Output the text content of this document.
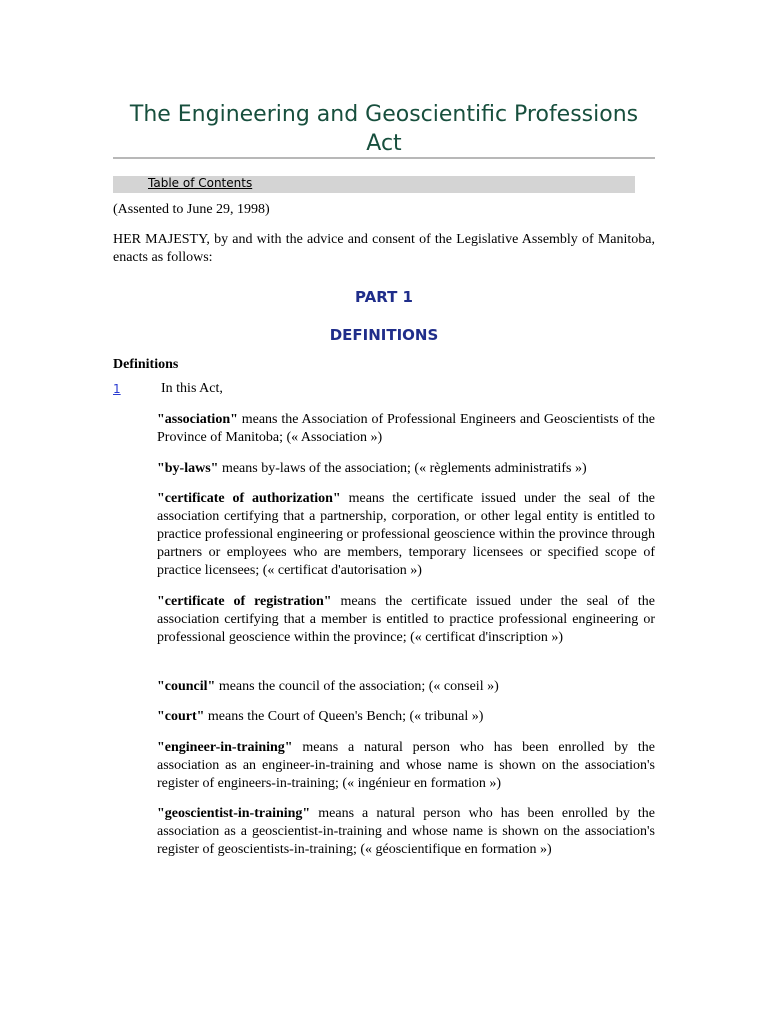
The Engineering and Geoscientific Professions Act
Table of Contents
(Assented to June 29, 1998)

HER MAJESTY, by and with the advice and consent of the Legislative Assembly of Manitoba, enacts as follows:

PART 1
DEFINITIONS
Definitions
1	In this Act,

"association" means the Association of Professional Engineers and Geoscientists of the Province of Manitoba; (« Association »)

"by-laws" means by-laws of the association; (« règlements administratifs »)

"certificate of authorization" means the certificate issued under the seal of the association certifying that a partnership, corporation, or other legal entity is entitled to practice professional engineering or professional geoscience within the province through partners or employees who are members, temporary licensees or specified scope of practice licensees; (« certificat d'autorisation »)

"certificate of registration" means the certificate issued under the seal of the association certifying that a member is entitled to practice professional engineering or professional geoscience within the province; (« certificat d'inscription »)

"council" means the council of the association; (« conseil »)

"court" means the Court of Queen's Bench; (« tribunal »)

"engineer-in-training" means a natural person who has been enrolled by the association as an engineer-in-training and whose name is shown on the association's register of engineers-in-training; (« ingénieur en formation »)

"geoscientist-in-training" means a natural person who has been enrolled by the association as a geoscientist-in-training and whose name is shown on the association's register of geoscientists-in-training; (« géoscientifique en formation »)
